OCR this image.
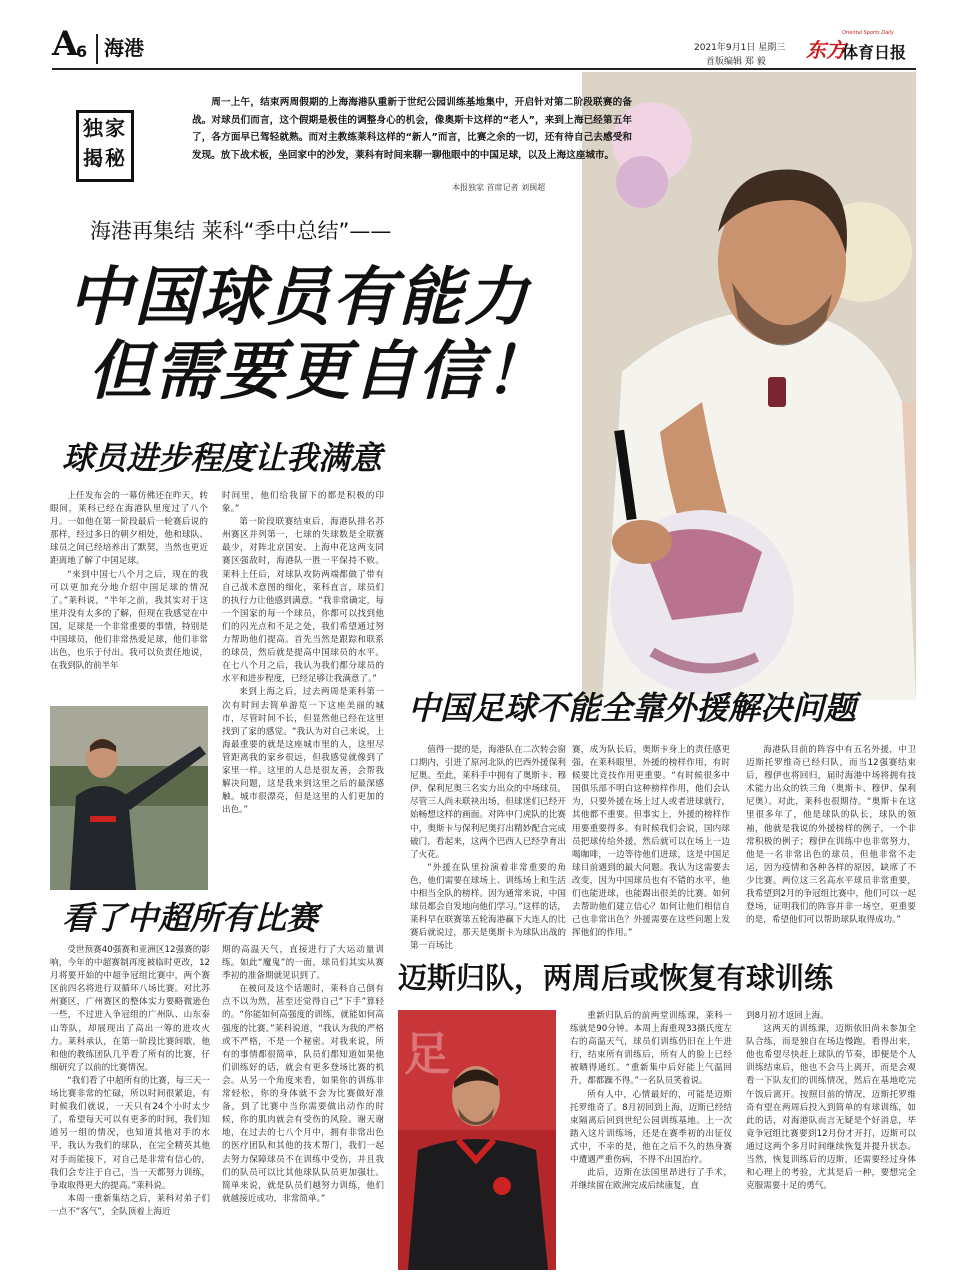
A
6 海港	2021年9月1日 星期三
首版编辑 郑 毅
Oriental Sports Daily
东方
体育日报
独家
揭秘
周一上午，结束两周假期的上海海港队重新于世纪公园训练基地集中，开启针对第二阶段联赛的备战。对球员们而言，这个假期是极佳的调整身心的机会，像奥斯卡这样的“老人”，来到上海已经第五年了，各方面早已驾轻就熟。而对主教练莱科这样的“新人”而言，比赛之余的一切，还有待自己去感受和发现。放下战术板，坐回家中的沙发，莱科有时间来聊一聊他眼中的中国足球，以及上海这座城市。
本报独家 首席记者 刘闽超
海港再集结 莱科“季中总结”——
中国球员有能力
但需要更自信！
球员进步程度让我满意

上任发布会的一幕仿佛还在昨天，转眼间，莱科已经在海港队里度过了八个月。一如他在第一阶段最后一轮赛后说的那样，经过多日的朝夕相处，他和球队、球员之间已经培养出了默契，当然也更近距离地了解了中国足球。

“来到中国七八个月之后，现在的我可以更加充分地介绍中国足球的情况了。”莱科说，“半年之前，我其实对于这里并没有太多的了解，但现在我感觉在中国，足球是一个非常重要的事情，特别是中国球员，他们非常热爱足球，他们非常出色，也乐于付出。我可以负责任地说，在我到队的前半年

时间里，他们给我留下的都是积极的印象。”

第一阶段联赛结束后，海港队排名苏州赛区并列第一，七球的失球数是全联赛最少，对阵北京国安、上海申花这两支同赛区强敌时，海港队一胜一平保持不败。莱科上任后，对球队攻防两端都做了带有自己战术意图的细化，莱科直言，球员们的执行力让他感到满意。“我非常确定，每一个国家的每一个球员，你都可以找到他们的闪光点和不足之处，我们希望通过努力帮助他们提高。首先当然是跟踪和联系的球员，然后就是提高中国球员的水平。在七八个月之后，我认为我们都分球员的水平和进步程度，已经足够让我满意了。”

来到上海之后，过去两周是莱科第一次有时间去简单游览一下这座美丽的城市，尽管时间不长，但显然他已经在这里找到了家的感觉。“我认为对自己来说，上海最重要的就是这座城市里的人，这里尽管距离我的家乡很远，但我感觉就像到了家里一样。这里的人总是很友善，会帮我解决问题，这是我来到这里之后的最深感触。城市很漂亮，但是这里的人们更加的出色。”

看了中超所有比赛

受世预赛40强赛和亚洲区12强赛的影响，今年的中超赛制再度被临时更改，12月将要开始的中超争冠组比赛中，两个赛区前四名将进行双循环八场比赛。对比苏州赛区，广州赛区的整体实力要略微逊色一些，不过进入争冠组的广州队、山东泰山等队，却展现出了高出一筹的进攻火力。莱科承认，在第一阶段比赛间歇，他和他的教练团队几乎看了所有的比赛，仔细研究了以前的比赛情况。

“我们看了中超所有的比赛，每三天一场比赛非常的忙碌，所以时间很紧迫，有时候我们就说，一天只有24个小时太少了，希望每天可以有更多的时间，我们知道另一组的情况，也知道其他对手的水平，我认为我们的球队，在完全精英其他对手而能接下，对自己是非常有信心的，我们会专注于自己，当一天都努力训练，争取取得更大的提高。”莱科说。

本周一重新集结之后，莱科对弟子们一点不“客气”，全队顶着上海近

期的高温天气，直接进行了大运动量训练。如此“魔鬼”的一面，球员们其实从赛季初的准备期就见识到了。

在被问及这个话题时，莱科自己倒有点不以为然，甚至还觉得自己“下手”算轻的。“你能如何高强度的训练，就能如何高强度的比赛。”莱科说道，“我认为我的严格或不严格，不是一个秘密。对我来说，所有的事情都很简单，队员们都知道如果他们训练好的话，就会有更多登场比赛的机会。从另一个角度来看，如果你的训练非常轻松，你的身体就不会为比赛做好准备，到了比赛中当你需要做出动作的时候，你的肌肉就会有受伤的风险。谢天谢地，在过去的七八个月中，拥有非常出色的医疗团队和其他的技术帮门，我们一起去努力保障球员不在训练中受伤，并且我们的队员可以比其他球队队员更加强壮。简单来说，就是队员们越努力训练，他们就越接近成功，非常简单。”

中国足球不能全靠外援解决问题

值得一提的是，海港队在二次转会窗口期内，引进了原河北队的巴西外援保利尼奥。至此，莱科手中拥有了奥斯卡、穆伊、保利尼奥三名实力出众的中场球员。尽管三人尚未联袂出场，但球迷们已经开始畅想这样的画面。对阵申门虎队的比赛中，奥斯卡与保利尼奥打出精妙配合完成破门，看起来，这两个巴西人已经孕育出了火花。

“外援在队里扮演着非常重要的角色，他们需要在球场上、训练场上和生活中相当全队的榜样。因为通常来说，中国球员都会自发地向他们学习。”这样的话，莱科早在联赛第五轮海港赢下大连人的比赛后就说过，那天是奥斯卡为球队出战的第一百场比

赛，成为队长后，奥斯卡身上的责任感更强，在莱科眼里，外援的榜样作用，有时候要比竞技作用更重要。“有时候很多中国俱乐部不明白这种榜样作用，他们会认为，只要外援在场上过人或者进球就行，其他都不重要。但事实上，外援的榜样作用要重要得多。有时候我们会说，国内球员把球传给外援，然后就可以在场上一边喝咖啡，一边等待他们进球，这是中国足球目前遇到的最大问题。我认为这需要去改变，因为中国球员也有不错的水平，他们也能进球，也能踢出很美的比赛。如何去帮助他们建立信心？如何让他们相信自己也非常出色？外援需要在这些问题上发挥他们的作用。”

海港队目前的阵容中有五名外援，中卫迈斯托罗维奇已经归队，而当12强赛结束后，穆伊也将回归，届时海港中场将拥有技术能力出众的铁三角（奥斯卡、穆伊、保利尼奥）。对此，莱科也很期待。“奥斯卡在这里很多年了，他是球队的队长，球队的领袖，他就是我说的外援榜样的例子，一个非常积极的例子；穆伊在训练中也非常努力，他是一名非常出色的球员，但他非常不走运，因为疫情和各种各样的原因，缺席了不少比赛。两位这三名高水平球员非常重要，我希望到2月的争冠组比赛中，他们可以一起登场，证明我们的阵容并非一场空，更重要的是，希望他们可以帮助球队取得成功。”

迈斯归队，两周后或恢复有球训练
足

重新归队后的前两堂训练课，莱科一练就是90分钟。本周上海重现33摄氏度左右的高温天气，球员们训练仍旧在上午进行，结束所有训练后，所有人的脸上已经被晒得通红。“重新集中后好能上气温回升，都都躁不得。”一名队员笑着说。

所有人中，心情最好的，可能是迈斯托罗维奇了。8月初回到上海，迈斯已经结束隔离后回到世纪公园训练基地。上一次踏入这片训练场，还是在赛季初的出征仪式中，不幸的是，他在之后不久的热身赛中遭遇严重伤病，不得不出国治疗。

此后，迈斯在法国里昂进行了手术，并继续留在欧洲完成后续康复，直

到8月初才返回上海。

这两天的训练课，迈斯依旧尚未参加全队合练，而是独自在场边慢跑。看得出来，他也希望尽快赶上球队的节奏，即便是个人训练结束后，他也不会马上离开，而是会观看一下队友们的训练情况，然后在基地吃完午饭后离开。按照目前的情况，迈斯托罗维奇有望在两周后投入到简单的有球训练，如此的话，对海港队而言无疑是个好消息，毕竟争冠组比赛要到12月份才开打，迈斯可以通过这两个多月时间继续恢复并提升状态。当然，恢复训练后的迈斯，还需要经过身体和心理上的考验，尤其是后一种，要想完全克服需要十足的勇气。
